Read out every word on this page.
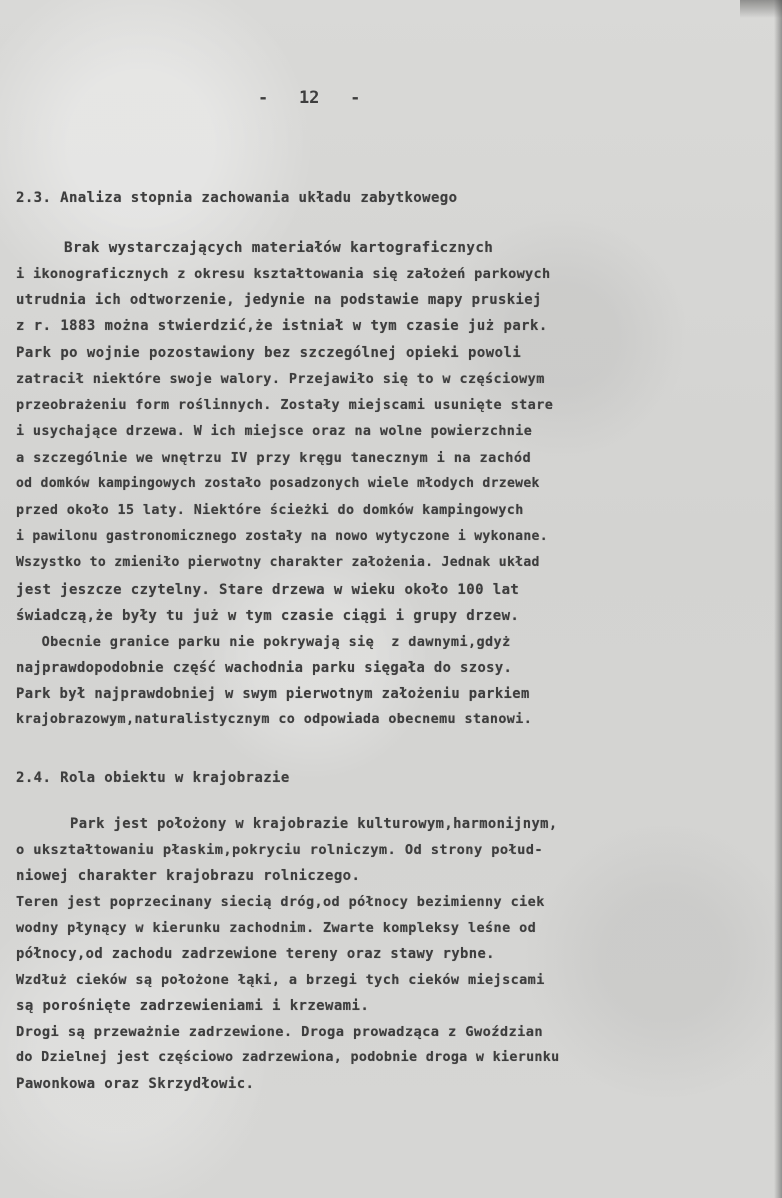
-   12   -
2.3. Analiza stopnia zachowania układu zabytkowego
Brak wystarczających materiałów kartograficznych
i ikonograficznych z okresu kształtowania się założeń parkowych
utrudnia ich odtworzenie, jedynie na podstawie mapy pruskiej
z r. 1883 można stwierdzić,że istniał w tym czasie już park.
Park po wojnie pozostawiony bez szczególnej opieki powoli
zatracił niektóre swoje walory. Przejawiło się to w częściowym
przeobrażeniu form roślinnych. Zostały miejscami usunięte stare
i usychające drzewa. W ich miejsce oraz na wolne powierzchnie
a szczególnie we wnętrzu IV przy kręgu tanecznym i na zachód
od domków kampingowych zostało posadzonych wiele młodych drzewek
przed około 15 laty. Niektóre ścieżki do domków kampingowych
i pawilonu gastronomicznego zostały na nowo wytyczone i wykonane.
Wszystko to zmieniło pierwotny charakter założenia. Jednak układ
jest jeszcze czytelny. Stare drzewa w wieku około 100 lat
świadczą,że były tu już w tym czasie ciągi i grupy drzew.
Obecnie granice parku nie pokrywają się  z dawnymi,gdyż
najprawdopodobnie część wachodnia parku sięgała do szosy.
Park był najprawdobniej w swym pierwotnym założeniu parkiem
krajobrazowym,naturalistycznym co odpowiada obecnemu stanowi.
2.4. Rola obiektu w krajobrazie
Park jest położony w krajobrazie kulturowym,harmonijnym,
o ukształtowaniu płaskim,pokryciu rolniczym. Od strony połud-
niowej charakter krajobrazu rolniczego.
Teren jest poprzecinany siecią dróg,od północy bezimienny ciek
wodny płynący w kierunku zachodnim. Zwarte kompleksy leśne od
północy,od zachodu zadrzewione tereny oraz stawy rybne.
Wzdłuż cieków są położone łąki, a brzegi tych cieków miejscami
są porośnięte zadrzewieniami i krzewami.
Drogi są przeważnie zadrzewione. Droga prowadząca z Gwoździan
do Dzielnej jest częściowo zadrzewiona, podobnie droga w kierunku
Pawonkowa oraz Skrzydłowic.
